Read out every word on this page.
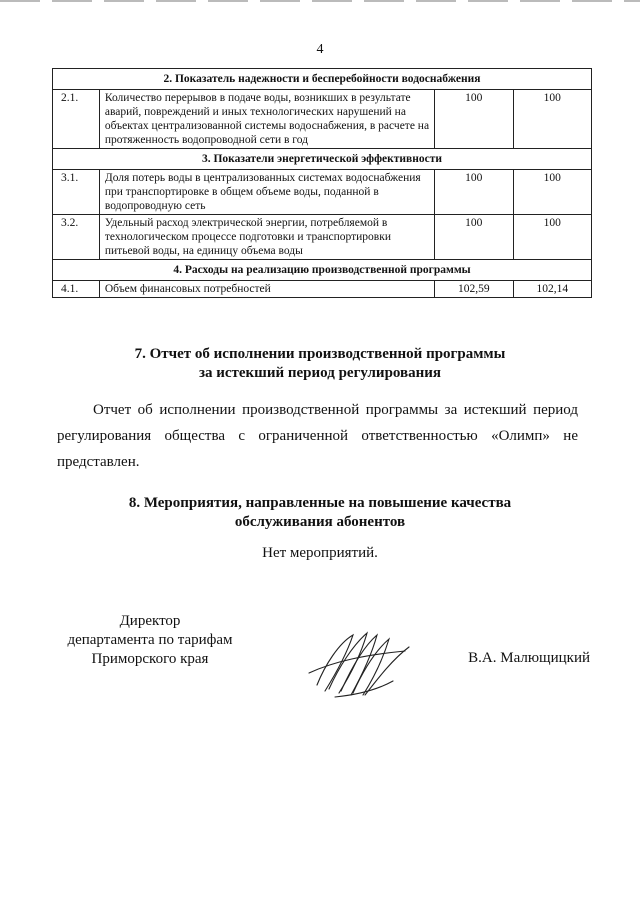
4
2. Показатель надежности и бесперебойности водоснабжения			
2.1.	Количество перерывов в подаче воды, возникших в результате аварий, повреждений и иных технологических нарушений на объектах централизованной системы водоснабжения, в расчете на протяженность водопроводной сети в год	100	100
3. Показатели энергетической эффективности			
3.1.	Доля потерь воды в централизованных системах водоснабжения при транспортировке в общем объеме воды, поданной в водопроводную сеть	100	100
3.2.	Удельный расход электрической энергии, потребляемой в технологическом процессе подготовки и транспортировки питьевой воды, на единицу объема воды	100	100
4. Расходы на реализацию производственной программы			
4.1.	Объем финансовых потребностей	102,59	102,14
7. Отчет об исполнении производственной программы
за истекший период регулирования
Отчет об исполнении производственной программы за истекший период
регулирования общества с ограниченной ответственностью «Олимп» не
представлен.
8. Мероприятия, направленные на повышение качества
обслуживания абонентов
Нет мероприятий.
Директор
департамента по тарифам
Приморского края	В.А. Малющицкий
